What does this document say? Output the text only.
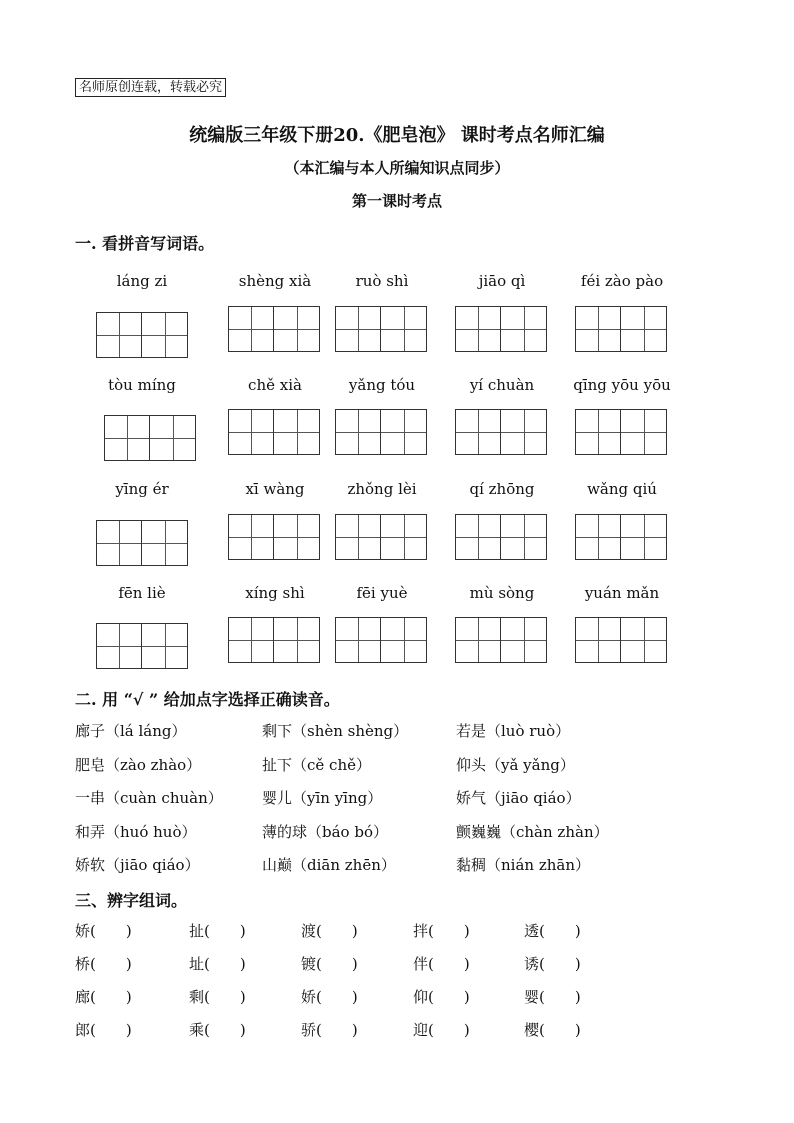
名师原创连载，转载必究
统编版三年级下册20.《肥皂泡》 课时考点名师汇编
（本汇编与本人所编知识点同步）
第一课时考点
一. 看拼音写词语。
láng zi	shèng xià	ruò shì	jiāo qì	féi zào pào
tòu míng	chě xià	yǎng tóu	yí chuàn	qīng yōu yōu
yīng ér	xī wàng	zhǒng lèi	qí zhōng	wǎng qiú
fēn liè	xíng shì	fēi yuè	mù sòng	yuán mǎn
二. 用 “√ ” 给加点字选择正确读音。
廊子（lá láng）	剩下（shèn shèng）	若是（luò ruò）
肥皂（zào zhào）	扯下（cě chě）	仰头（yǎ yǎng）
一串（cuàn chuàn）	婴儿（yīn yīng）	娇气（jiāo qiáo）
和弄（huó huò）	薄的球（báo bó）	颤巍巍（chàn zhàn）
娇软（jiāo qiáo）	山巅（diān zhēn）	黏稠（nián zhān）
三、辨字组词。
娇(　　)	扯(　　)	渡(　　)	拌(　　)	透(　　)
桥(　　)	址(　　)	镀(　　)	伴(　　)	诱(　　)
廊(　　)	剩(　　)	娇(　　)	仰(　　)	婴(　　)
郎(　　)	乘(　　)	骄(　　)	迎(　　)	樱(　　)
